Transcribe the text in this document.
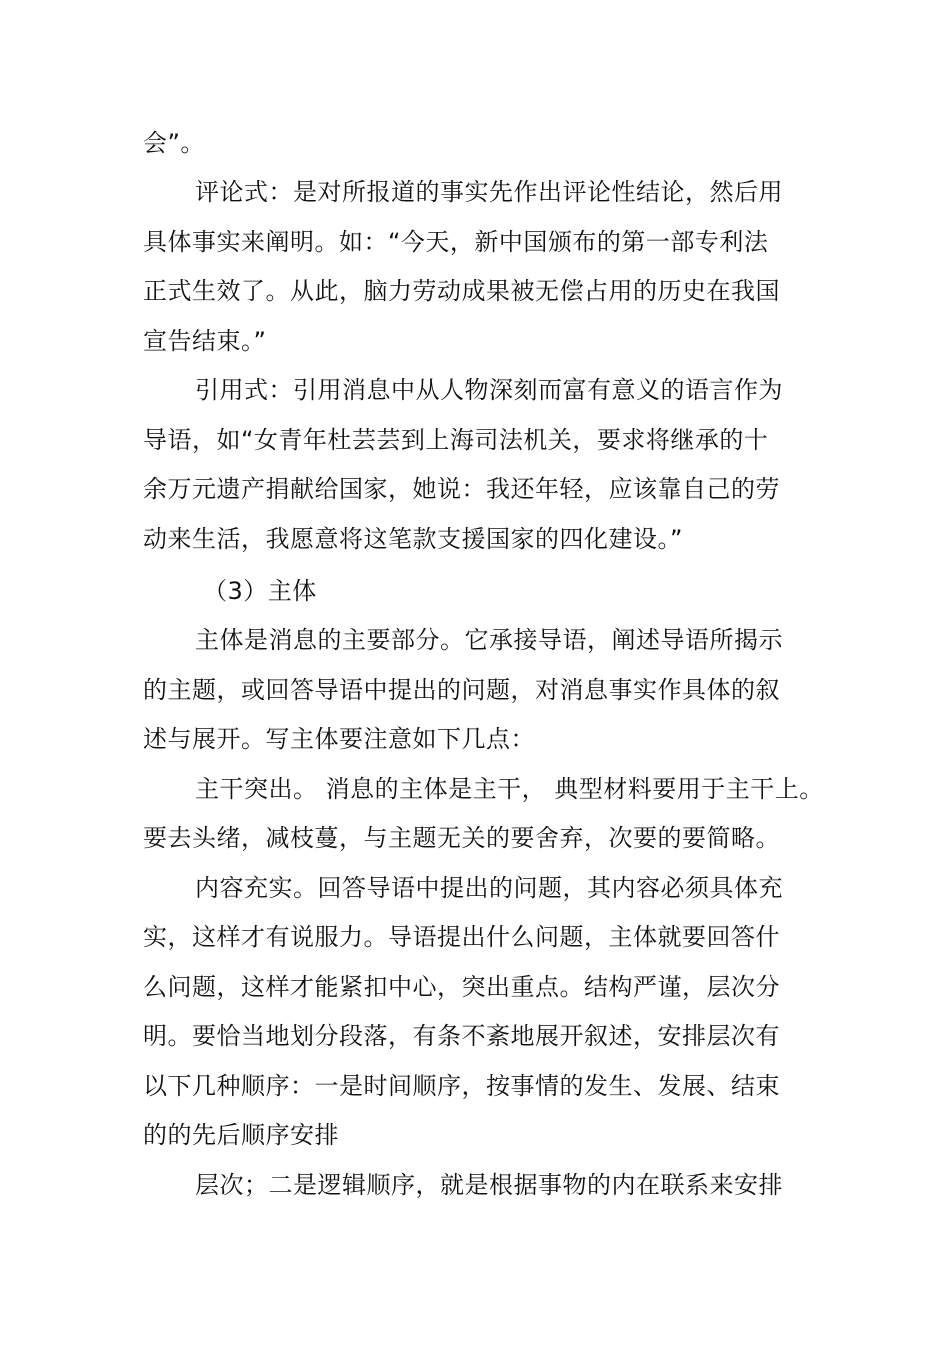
会”。
评论式：是对所报道的事实先作出评论性结论，然后用
具体事实来阐明。如：“今天，新中国颁布的第一部专利法
正式生效了。从此，脑力劳动成果被无偿占用的历史在我国
宣告结束。”
引用式：引用消息中从人物深刻而富有意义的语言作为
导语，如“女青年杜芸芸到上海司法机关，要求将继承的十
余万元遗产捐献给国家，她说：我还年轻，应该靠自己的劳
动来生活，我愿意将这笔款支援国家的四化建设。”
（3）主体
主体是消息的主要部分。它承接导语，阐述导语所揭示
的主题，或回答导语中提出的问题，对消息事实作具体的叙
述与展开。写主体要注意如下几点：
主干突出。 消息的主体是主干， 典型材料要用于主干上。
要去头绪，减枝蔓，与主题无关的要舍弃，次要的要简略。
内容充实。回答导语中提出的问题，其内容必须具体充
实，这样才有说服力。导语提出什么问题，主体就要回答什
么问题，这样才能紧扣中心，突出重点。结构严谨，层次分
明。要恰当地划分段落，有条不紊地展开叙述，安排层次有
以下几种顺序：一是时间顺序，按事情的发生、发展、结束
的的先后顺序安排
层次；二是逻辑顺序，就是根据事物的内在联系来安排
